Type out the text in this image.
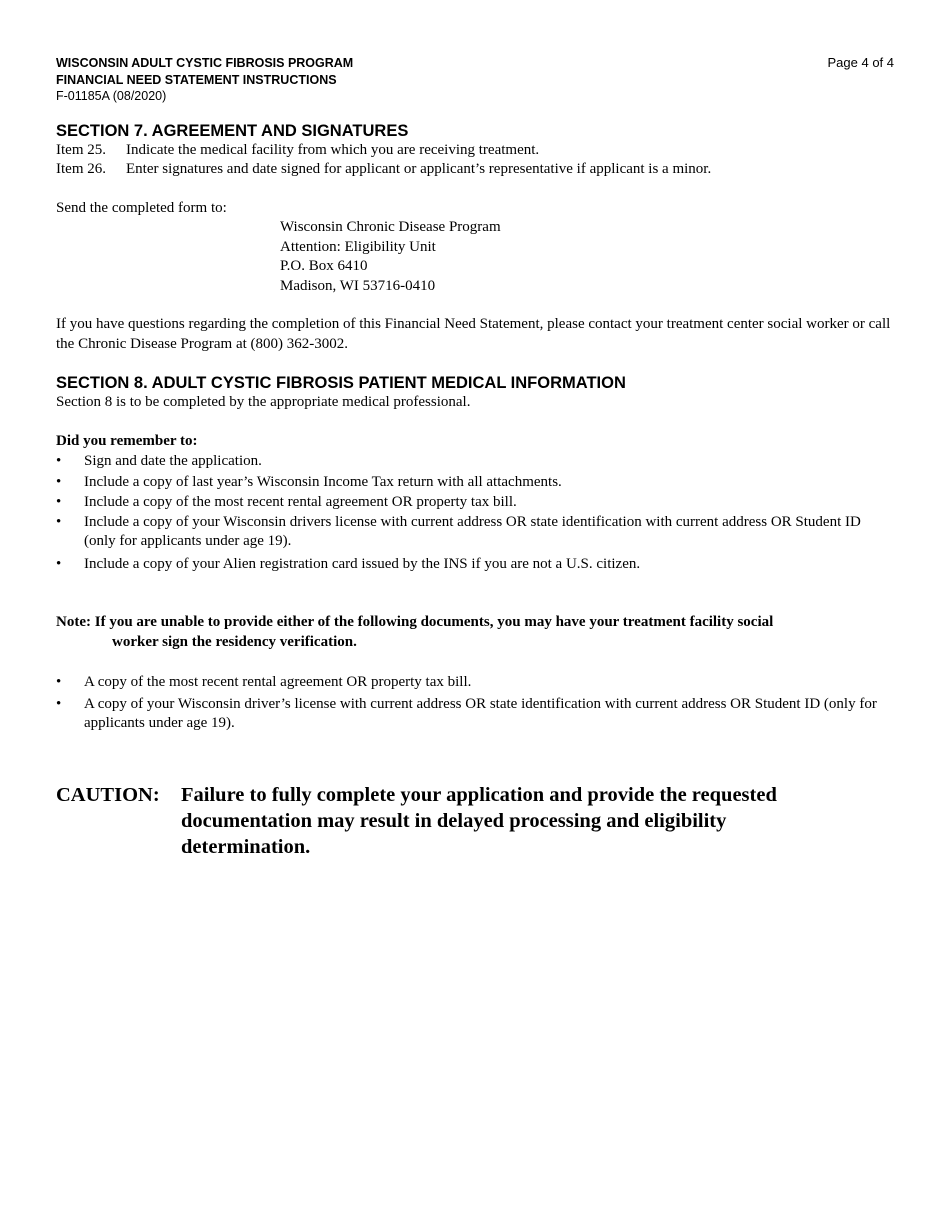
WISCONSIN ADULT CYSTIC FIBROSIS PROGRAM
FINANCIAL NEED STATEMENT INSTRUCTIONS
F-01185A (08/2020)
Page 4 of 4
SECTION 7. AGREEMENT AND SIGNATURES
Item 25.	Indicate the medical facility from which you are receiving treatment.
Item 26.	Enter signatures and date signed for applicant or applicant’s representative if applicant is a minor.
Send the completed form to:
Wisconsin Chronic Disease Program
Attention: Eligibility Unit
P.O. Box 6410
Madison, WI 53716-0410
If you have questions regarding the completion of this Financial Need Statement, please contact your treatment center social worker or call the Chronic Disease Program at (800) 362-3002.
SECTION 8. ADULT CYSTIC FIBROSIS PATIENT MEDICAL INFORMATION
Section 8 is to be completed by the appropriate medical professional.
Did you remember to:
• Sign and date the application.
• Include a copy of last year’s Wisconsin Income Tax return with all attachments.
• Include a copy of the most recent rental agreement OR property tax bill.
• Include a copy of your Wisconsin drivers license with current address OR state identification with current address OR Student ID (only for applicants under age 19).
• Include a copy of your Alien registration card issued by the INS if you are not a U.S. citizen.
Note: If you are unable to provide either of the following documents, you may have your treatment facility social
worker sign the residency verification.
• A copy of the most recent rental agreement OR property tax bill.
• A copy of your Wisconsin driver’s license with current address OR state identification with current address OR Student ID (only for applicants under age 19).
CAUTION:	Failure to fully complete your application and provide the requested documentation may result in delayed processing and eligibility determination.
